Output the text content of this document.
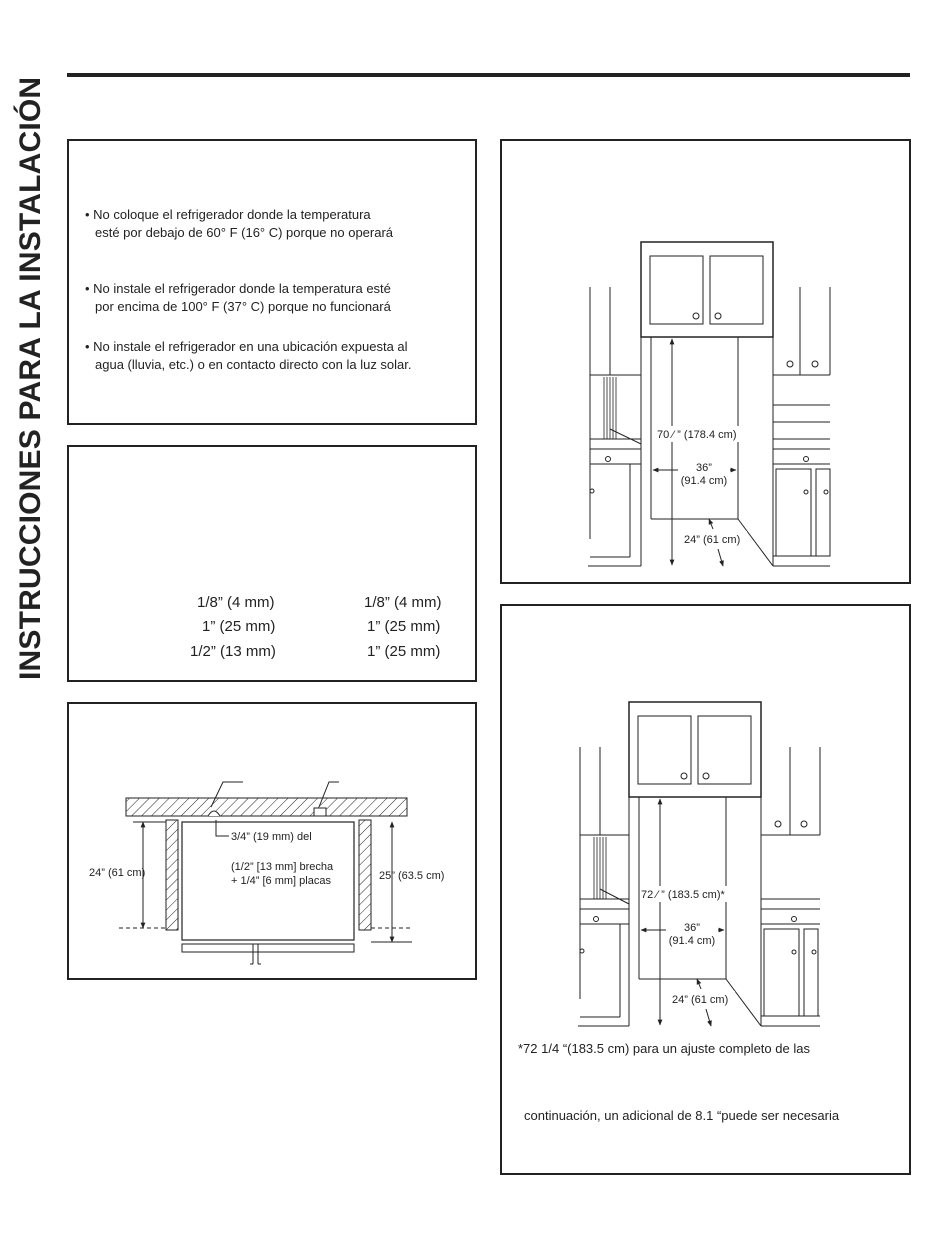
INSTRUCCIONES PARA LA INSTALACIÓN	• No coloque el refrigerador donde la temperatura
esté por debajo de 60° F (16° C) porque no operará
• No instale el refrigerador donde la temperatura esté
por encima de 100° F (37° C) porque no funcionará
• No instale el refrigerador en una ubicación expuesta al
agua (lluvia, etc.) o en contacto directo con la luz solar.
1/8” (4 mm)	1/8” (4 mm)
1” (25 mm)	1” (25 mm)
1/2” (13 mm)	1” (25 mm)
3/4” (19 mm) del
(1/2” [13 mm] brecha
+ 1/4” [6 mm] placas
24” (61 cm)	25” (63.5 cm)
70 ⁄ ” (178.4 cm)
36”
(91.4 cm)
24” (61 cm)
72 ⁄ ” (183.5 cm)*
36”
(91.4 cm)
24” (61 cm)
*72 1/4 “(183.5 cm) para un ajuste completo de las
continuación, un adicional de 8.1 “puede ser necesaria
